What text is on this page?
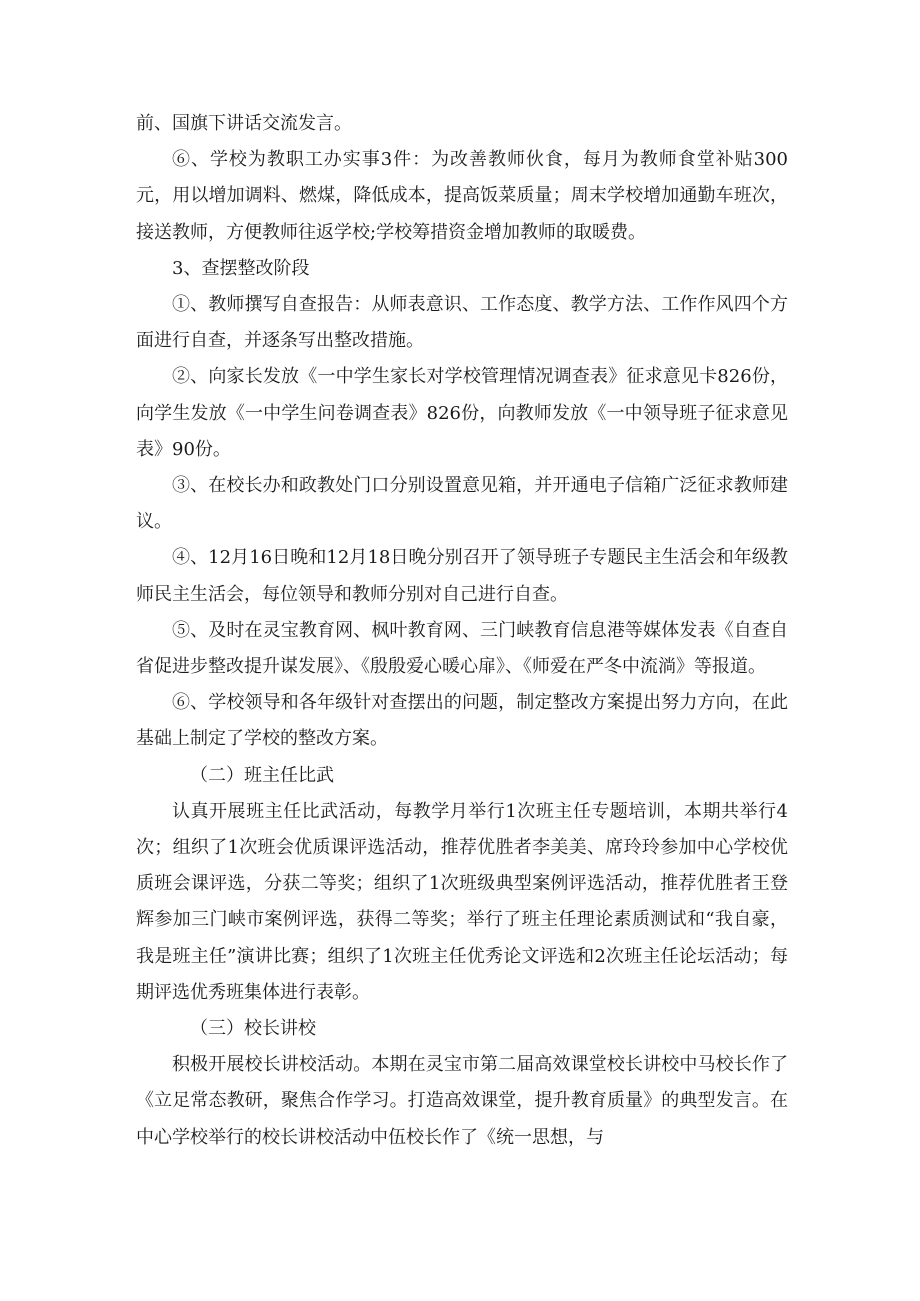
前、国旗下讲话交流发言。

⑥、学校为教职工办实事3件：为改善教师伙食，每月为教师食堂补贴300元，用以增加调料、燃煤，降低成本，提高饭菜质量；周末学校增加通勤车班次，接送教师，方便教师往返学校;学校筹措资金增加教师的取暖费。

3、查摆整改阶段

①、教师撰写自查报告：从师表意识、工作态度、教学方法、工作作风四个方面进行自查，并逐条写出整改措施。

②、向家长发放《一中学生家长对学校管理情况调查表》征求意见卡826份，向学生发放《一中学生问卷调查表》826份，向教师发放《一中领导班子征求意见表》90份。

③、在校长办和政教处门口分别设置意见箱，并开通电子信箱广泛征求教师建议。

④、12月16日晚和12月18日晚分别召开了领导班子专题民主生活会和年级教师民主生活会，每位领导和教师分别对自己进行自查。

⑤、及时在灵宝教育网、枫叶教育网、三门峡教育信息港等媒体发表《自查自省促进步整改提升谋发展》、《殷殷爱心暖心扉》、《师爱在严冬中流淌》等报道。

⑥、学校领导和各年级针对查摆出的问题，制定整改方案提出努力方向，在此基础上制定了学校的整改方案。

（二）班主任比武

认真开展班主任比武活动，每教学月举行1次班主任专题培训，本期共举行4次；组织了1次班会优质课评选活动，推荐优胜者李美美、席玲玲参加中心学校优质班会课评选，分获二等奖；组织了1次班级典型案例评选活动，推荐优胜者王登辉参加三门峡市案例评选，获得二等奖；举行了班主任理论素质测试和“我自豪，我是班主任”演讲比赛；组织了1次班主任优秀论文评选和2次班主任论坛活动；每期评选优秀班集体进行表彰。

（三）校长讲校

积极开展校长讲校活动。本期在灵宝市第二届高效课堂校长讲校中马校长作了《立足常态教研，聚焦合作学习。打造高效课堂，提升教育质量》的典型发言。在中心学校举行的校长讲校活动中伍校长作了《统一思想，与
